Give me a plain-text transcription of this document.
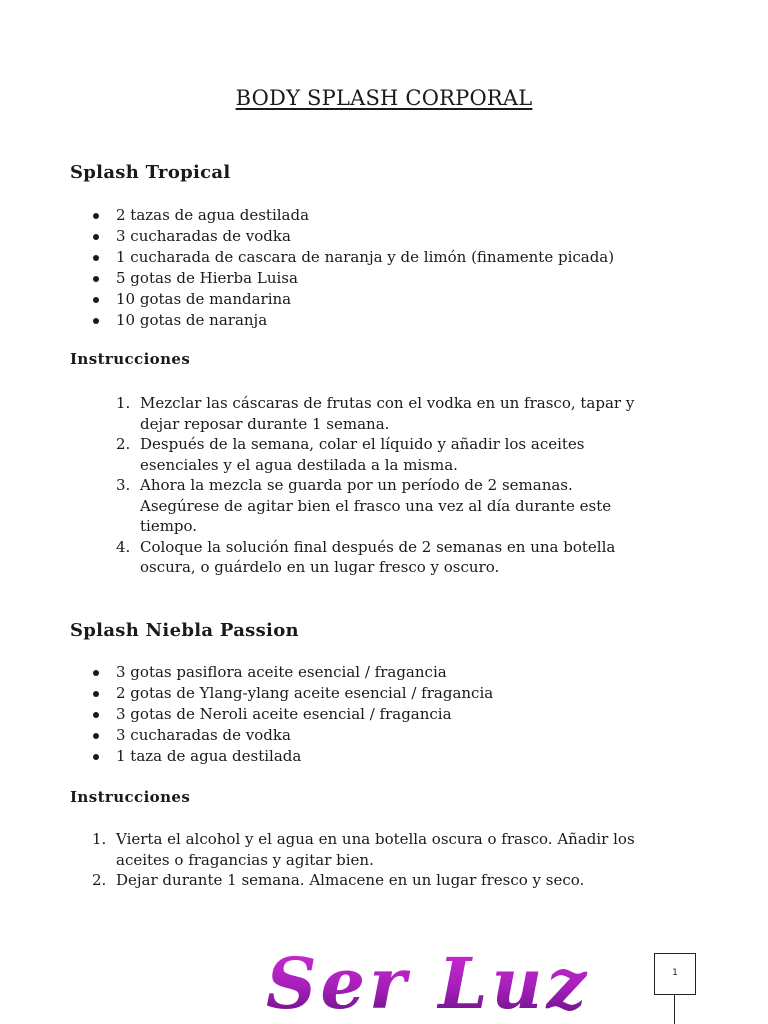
BODY SPLASH CORPORAL
Splash Tropical
2 tazas de agua destilada
3 cucharadas de vodka
1 cucharada de cascara de naranja y de limón (finamente picada)
5 gotas de Hierba Luisa
10 gotas de mandarina
10 gotas de naranja
Instrucciones
1. Mezclar las cáscaras de frutas con el vodka en un frasco, tapar y
dejar reposar durante 1 semana.
2. Después de la semana, colar el líquido y añadir los aceites
esenciales y el agua destilada a la misma.
3. Ahora la mezcla se guarda por un período de 2 semanas.
Asegúrese de agitar bien el frasco una vez al día durante este
tiempo.
4. Coloque la solución final después de 2 semanas en una botella
oscura, o guárdelo en un lugar fresco y oscuro.
Splash Niebla Passion
3 gotas pasiflora aceite esencial / fragancia
2 gotas de Ylang-ylang aceite esencial / fragancia
3 gotas de Neroli aceite esencial / fragancia
3 cucharadas de vodka
1 taza de agua destilada
Instrucciones
1. Vierta el alcohol y el agua en una botella oscura o frasco. Añadir los
aceites o fragancias y agitar bien.
2. Dejar durante 1 semana. Almacene en un lugar fresco y seco.
Ser Luz	1
